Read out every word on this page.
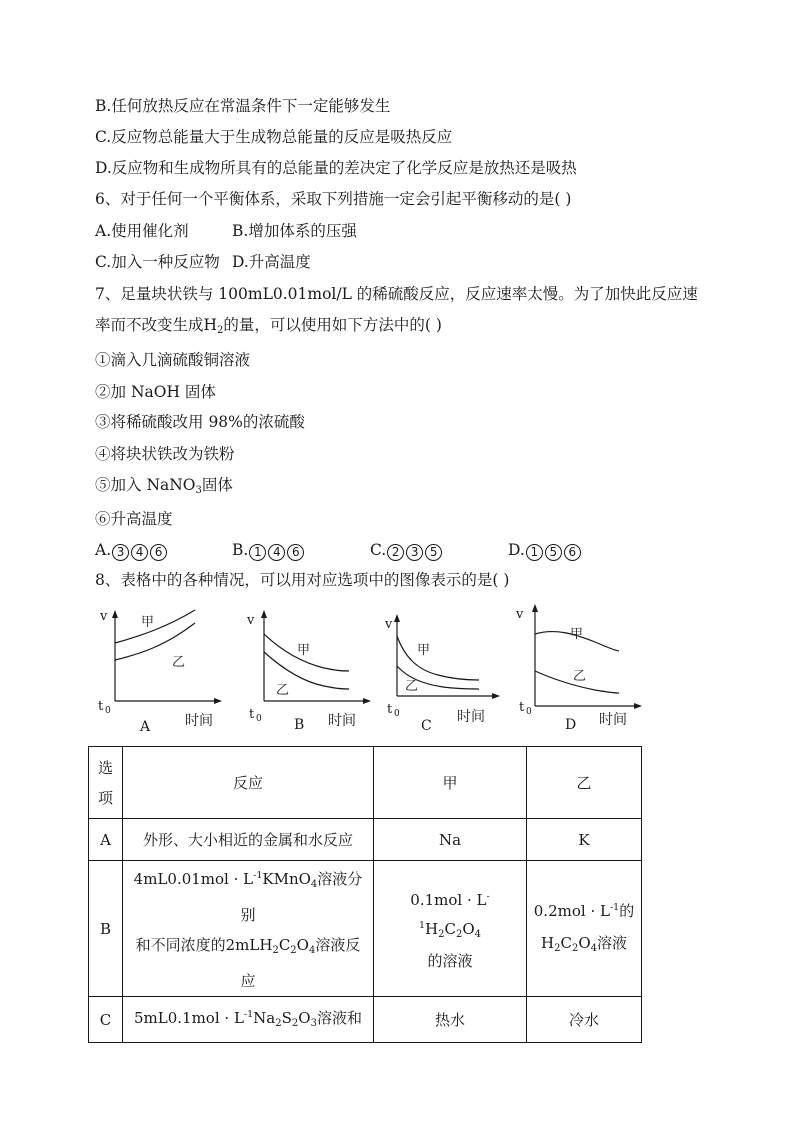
B.任何放热反应在常温条件下一定能够发生
C.反应物总能量大于生成物总能量的反应是吸热反应
D.反应物和生成物所具有的总能量的差决定了化学反应是放热还是吸热
6、对于任何一个平衡体系，采取下列措施一定会引起平衡移动的是( )
A.使用催化剂	B.增加体系的压强
C.加入一种反应物 D.升高温度
7、足量块状铁与 100mL0.01mol/L 的稀硫酸反应，反应速率太慢。为了加快此反应速
率而不改变生成$H_2$的量，可以使用如下方法中的( )
①滴入几滴硫酸铜溶液
②加 NaOH 固体
③将稀硫酸改用 98%的浓硫酸
④将块状铁改为铁粉
⑤加入 NaNO$_3$固体
⑥升高温度
A. 3 4 6	B. 1 4 6	C. 2 3 5	D. 1 5 6
8、表格中的各种情况，可以用对应选项中的图像表示的是( )
v	甲
乙
t 0
时间
A
v
甲
乙
t 0	时间
B
v
甲
乙
t 0	时间
C
v
甲
乙
t 0	时间
D
选项	反应	甲	乙
A	外形、大小相近的金属和水反应	Na	K
B	$4mL0.01mol \cdot L^{-1}KMnO_4$溶液分别
和不同浓度的$2mLH_2C_2O_4$溶液反
应	$0.1mol \cdot L^{-1}H_2C_2O_4$
的溶液	$0.2mol \cdot L^{-1}$的
$H_2C_2O_4$溶液
C	$5mL0.1mol \cdot L^{-1}Na_2S_2O_3$溶液和	热水	冷水
